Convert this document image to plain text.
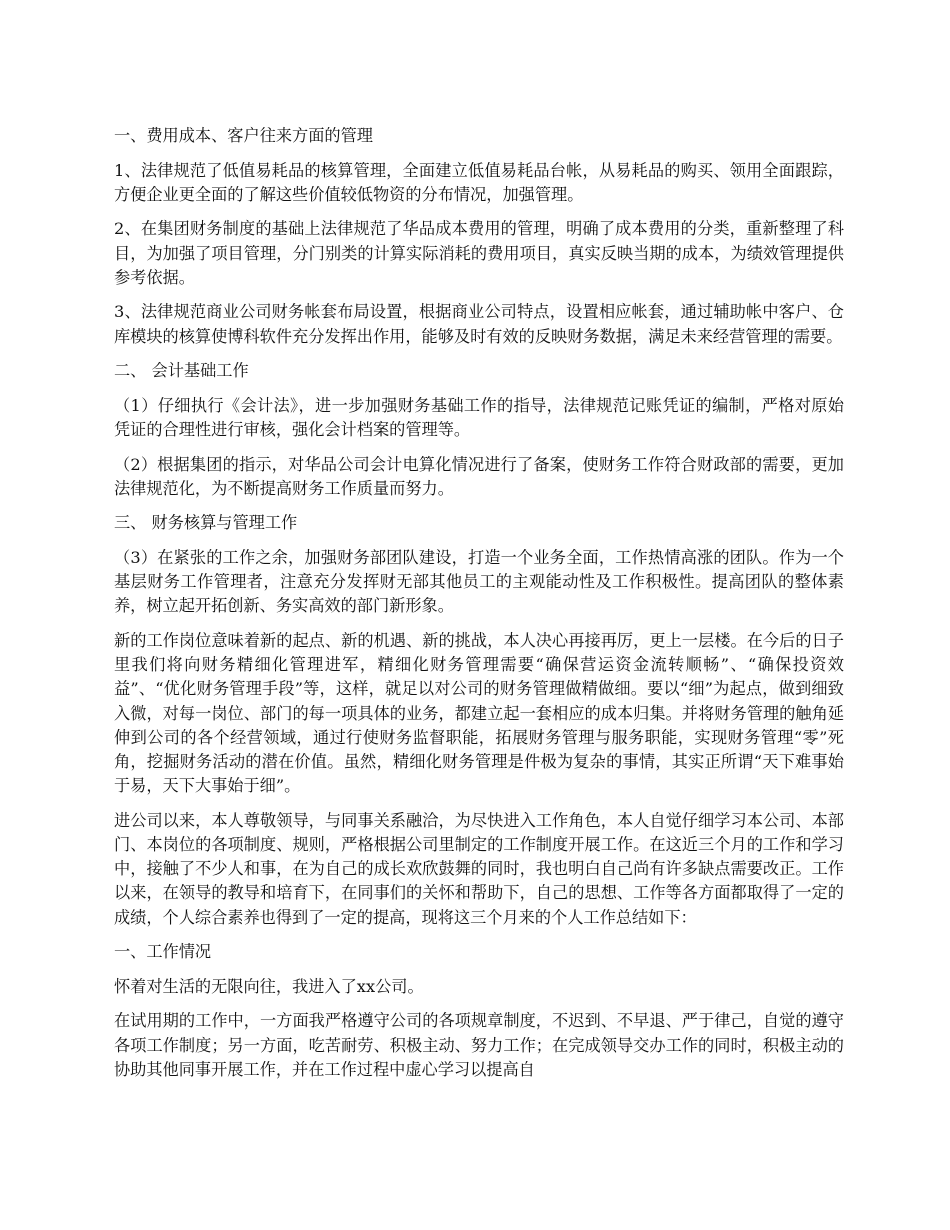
一、费用成本、客户往来方面的管理

1、法律规范了低值易耗品的核算管理，全面建立低值易耗品台帐，从易耗品的购买、领用全面跟踪，方便企业更全面的了解这些价值较低物资的分布情况，加强管理。

2、在集团财务制度的基础上法律规范了华品成本费用的管理，明确了成本费用的分类，重新整理了科目，为加强了项目管理，分门别类的计算实际消耗的费用项目，真实反映当期的成本，为绩效管理提供参考依据。

3、法律规范商业公司财务帐套布局设置，根据商业公司特点，设置相应帐套，通过辅助帐中客户、仓库模块的核算使博科软件充分发挥出作用，能够及时有效的反映财务数据，满足未来经营管理的需要。

二、 会计基础工作

（1）仔细执行《会计法》，进一步加强财务基础工作的指导，法律规范记账凭证的编制，严格对原始凭证的合理性进行审核，强化会计档案的管理等。

（2）根据集团的指示，对华品公司会计电算化情况进行了备案，使财务工作符合财政部的需要，更加法律规范化，为不断提高财务工作质量而努力。

三、 财务核算与管理工作

（3）在紧张的工作之余，加强财务部团队建设，打造一个业务全面，工作热情高涨的团队。作为一个基层财务工作管理者，注意充分发挥财无部其他员工的主观能动性及工作积极性。提高团队的整体素养，树立起开拓创新、务实高效的部门新形象。

新的工作岗位意味着新的起点、新的机遇、新的挑战，本人决心再接再厉，更上一层楼。在今后的日子里我们将向财务精细化管理进军，精细化财务管理需要“确保营运资金流转顺畅”、“确保投资效益”、“优化财务管理手段”等，这样，就足以对公司的财务管理做精做细。要以“细”为起点，做到细致入微，对每一岗位、部门的每一项具体的业务，都建立起一套相应的成本归集。并将财务管理的触角延伸到公司的各个经营领域，通过行使财务监督职能，拓展财务管理与服务职能，实现财务管理“零”死角，挖掘财务活动的潜在价值。虽然，精细化财务管理是件极为复杂的事情，其实正所谓“天下难事始于易，天下大事始于细”。

进公司以来，本人尊敬领导，与同事关系融洽，为尽快进入工作角色，本人自觉仔细学习本公司、本部门、本岗位的各项制度、规则，严格根据公司里制定的工作制度开展工作。在这近三个月的工作和学习中，接触了不少人和事，在为自己的成长欢欣鼓舞的同时，我也明白自己尚有许多缺点需要改正。工作以来，在领导的教导和培育下，在同事们的关怀和帮助下，自己的思想、工作等各方面都取得了一定的成绩，个人综合素养也得到了一定的提高，现将这三个月来的个人工作总结如下：

一、工作情况

怀着对生活的无限向往，我进入了xx公司。

在试用期的工作中，一方面我严格遵守公司的各项规章制度，不迟到、不早退、严于律己，自觉的遵守各项工作制度；另一方面，吃苦耐劳、积极主动、努力工作；在完成领导交办工作的同时，积极主动的协助其他同事开展工作，并在工作过程中虚心学习以提高自
